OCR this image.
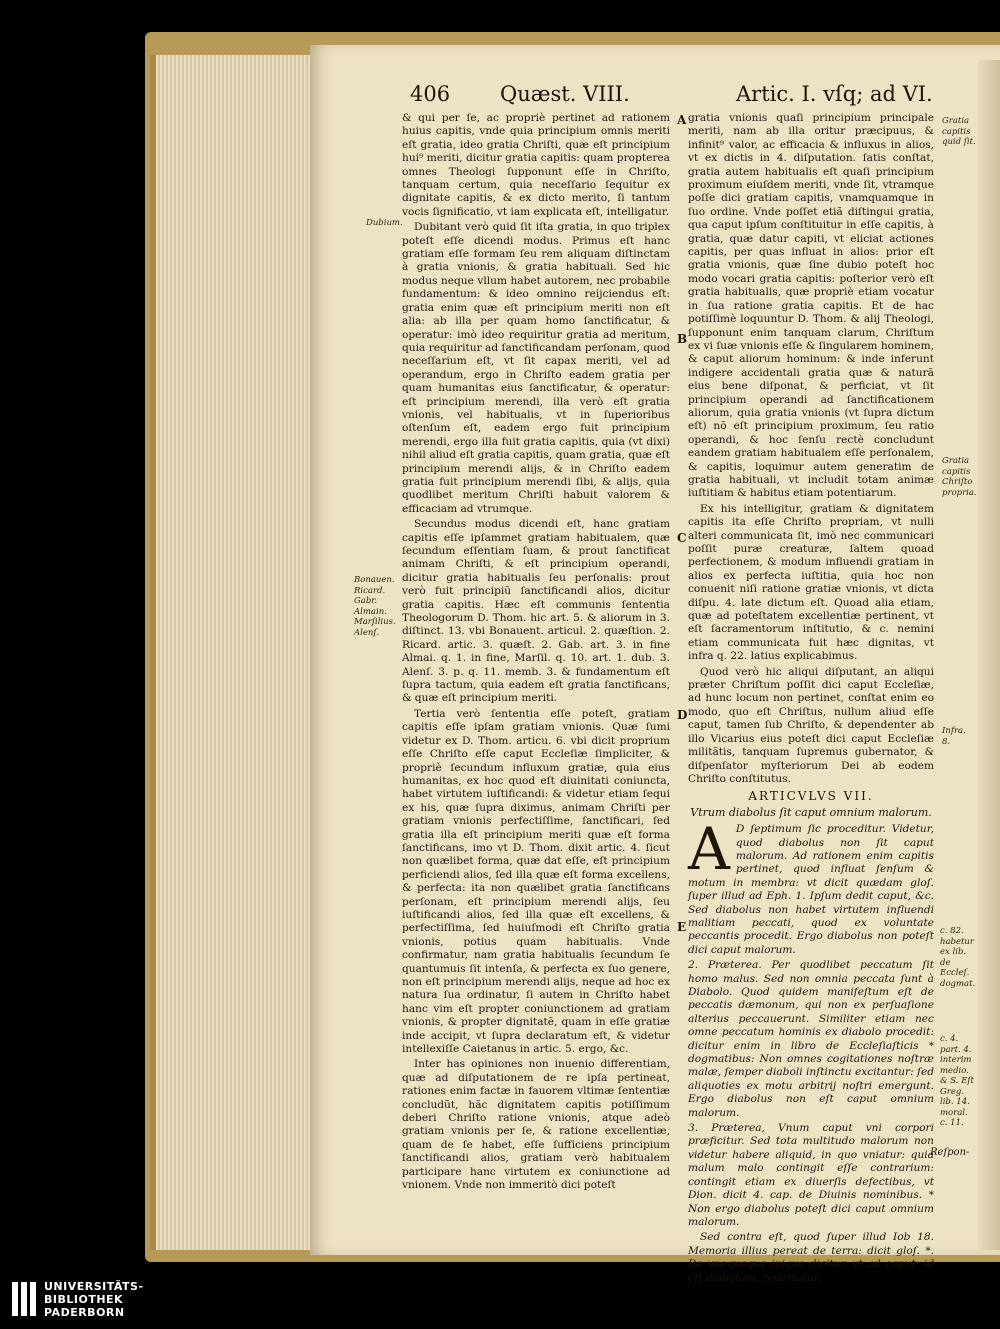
406 Quæst. VIII.	Artic. I. vſq; ad VI.
Dubium.
Bonauen.
Ricard.
Gabr.
Almain.
Marſilius.
Alenſ.

& qui per ſe, ac propriè pertinet ad rationem huius capitis, vnde quia principium omnis meriti eſt gratia, ideo gratia Chriſti, quæ eſt principium hui⁹ meriti, dicitur gratia capitis: quam propterea omnes Theologi ſupponunt eſſe in Chriſto, tanquam certum, quia neceſſario ſequitur ex dignitate capitis, & ex dicto merito, ſi tantum vocis ſignificatio, vt iam explicata eſt, intelligatur.

Dubitant verò quid ſit iſta gratia, in quo triplex poteſt eſſe dicendi modus. Primus eſt hanc gratiam eſſe formam ſeu rem aliquam diſtinctam à gratia vnionis, & gratia habituali. Sed hic modus neque vllum habet autorem, nec probabile fundamentum: & ideo omnino reijciendus eſt: gratia enim quæ eſt principium meriti non eſt alia: ab illa per quam homo ſanctificatur, & operatur: imò ideo requiritur gratia ad meritum, quia requiritur ad ſanctificandam perſonam, quod neceſſarium eſt, vt ſit capax meriti, vel ad operandum, ergo in Chriſto eadem gratia per quam humanitas eius ſanctificatur, & operatur: eſt principium merendi, illa verò eſt gratia vnionis, vel habitualis, vt in ſuperioribus oſtenſum eſt, eadem ergo fuit principium merendi, ergo illa fuit gratia capitis, quia (vt dixi) nihil aliud eſt gratia capitis, quam gratia, quæ eſt principium merendi alijs, & in Chriſto eadem gratia fuit principium merendi ſibi, & alijs, quia quodlibet meritum Chriſti habuit valorem & efficaciam ad vtrumque.

Secundus modus dicendi eſt, hanc gratiam capitis eſſe ipſammet gratiam habitualem, quæ ſecundum eſſentiam ſuam, & prout ſanctificat animam Chriſti, & eſt principium operandi, dicitur gratia habitualis ſeu perſonalis: prout verò fuit principiũ ſanctificandi alios, dicitur gratia capitis. Hæc eſt communis ſententia Theologorum D. Thom. hic art. 5. & aliorum in 3. diſtinct. 13. vbi Bonauent. articul. 2. quæſtion. 2. Ricard. artic. 3. quæſt. 2. Gab. art. 3. in fine Almai. q. 1. in fine, Marſil. q. 10. art. 1. dub. 3. Alenſ. 3. p. q. 11. memb. 3. & fundamentum eſt ſupra tactum, quia eadem eſt gratia ſanctificans, & quæ eſt principium meriti.

Tertia verò ſententia eſſe poteſt, gratiam capitis eſſe ipſam gratiam vnionis. Quæ ſumi videtur ex D. Thom. articu. 6. vbi dicit proprium eſſe Chriſto eſſe caput Eccleſiæ ſimpliciter, & propriè ſecundum influxum gratiæ, quia eius humanitas, ex hoc quod eſt diuinitati coniuncta, habet virtutem iuſtificandi: & videtur etiam ſequi ex his, quæ ſupra diximus, animam Chriſti per gratiam vnionis perfectiſſime, ſanctificari, ſed gratia illa eſt principium meriti quæ eſt forma ſanctificans, imo vt D. Thom. dixit artic. 4. ſicut non quælibet forma, quæ dat eſſe, eſt principium perficiendi alios, ſed illa quæ eſt forma excellens, & perfecta: ita non quælibet gratia ſanctificans perſonam, eſt principium merendi alijs, ſeu iuſtificandi alios, ſed illa quæ eſt excellens, & perfectiſſima, ſed huiuſmodi eſt Chriſto gratia vnionis, potius quam habitualis. Vnde confirmatur, nam gratia habitualis ſecundum ſe quantumuis ſit intenſa, & perfecta ex ſuo genere, non eſt principium merendi alijs, neque ad hoc ex natura ſua ordinatur, ſi autem in Chriſto habet hanc vim eſt propter coniunctionem ad gratiam vnionis, & propter dignitatẽ, quam in eſſe gratiæ inde accipit, vt ſupra declaratum eſt, & videtur intellexiſſe Caietanus in artic. 5. ergo, &c.

Inter has opiniones non inuenio differentiam, quæ ad diſputationem de re ipſa pertineat, rationes enim factæ in fauorem vltimæ ſententiæ concludũt, hãc dignitatem capitis potiſſimum deberi Chriſto ratione vnionis, atque adeò gratiam vnionis per ſe, & ratione excellentiæ, quam de ſe habet, eſſe ſufficiens principium ſanctificandi alios, gratiam verò habitualem participare hanc virtutem ex coniunctione ad vnionem. Vnde non immeritò dici poteſt

A
B
C
D
E

gratia vnionis quaſi principium principale meriti, nam ab illa oritur præcipuus, & infinit⁹ valor, ac efficacia & influxus in alios, vt ex dictis in 4. diſputation. ſatis conſtat, gratia autem habitualis eſt quaſi principium proximum eiuſdem meriti, vnde ſit, vtramque poſſe dici gratiam capitis, vnamquamque in ſuo ordine. Vnde poſſet etiã diſtingui gratia, qua caput ipſum conſtituitur in eſſe capitis, à gratia, quæ datur capiti, vt eliciat actiones capitis, per quas influat in alios: prior eſt gratia vnionis, quæ ſine dubio poteſt hoc modo vocari gratia capitis: poſterior verò eſt gratia habitualis, quæ propriè etiam vocatur in ſua ratione gratia capitis. Et de hac potiſſimè loquuntur D. Thom. & alij Theologi, ſupponunt enim tanquam clarum, Chriſtum ex vi ſuæ vnionis eſſe & ſingularem hominem, & caput aliorum hominum: & inde inferunt indigere accidentali gratia quæ & naturã eius bene diſponat, & perficiat, vt ſit principium operandi ad ſanctificationem aliorum, quia gratia vnionis (vt ſupra dictum eſt) nõ eſt principium proximum, ſeu ratio operandi, & hoc ſenſu rectè concludunt eandem gratiam habitualem eſſe perſonalem, & capitis, loquimur autem generatim de gratia habituali, vt includit totam animæ iuſtitiam & habitus etiam potentiarum.

Ex his intelligitur, gratiam & dignitatem capitis ita eſſe Chriſto propriam, vt nulli alteri communicata ſit, imò nec communicari poſſit puræ creaturæ, ſaltem quoad perfectionem, & modum influendi gratiam in alios ex perfecta iuſtitia, quia hoc non conuenit niſi ratione gratiæ vnionis, vt dicta diſpu. 4. late dictum eſt. Quoad alia etiam, quæ ad poteſtatem excellentiæ pertinent, vt eſt ſacramentorum inſtitutio, & c. nemini etiam communicata fuit hæc dignitas, vt infra q. 22. latius explicabimus.

Quod verò hic aliqui diſputant, an aliqui præter Chriſtum poſſit dici caput Eccleſiæ, ad hunc locum non pertinet, conſtat enim eo modo, quo eſt Chriſtus, nullum aliud eſſe caput, tamen ſub Chriſto, & dependenter ab illo Vicarius eius poteſt dici caput Eccleſiæ militãtis, tanquam ſupremus gubernator, & diſpenſator myſteriorum Dei ab eodem Chriſto conſtitutus.

ARTICVLVS VII.
Vtrum diabolus ſit caput omnium malorum.
A D ſeptimum ſic proceditur. Videtur, quod diabolus non ſit caput malorum. Ad rationem enim capitis pertinet, quod influat ſenſum & motum in membra: vt dicit quædam gloſ. ſuper illud ad Eph. 1. Ipſum dedit caput, &c. Sed diabolus non habet virtutem influendi malitiam peccati, quod ex voluntate peccantis procedit. Ergo diabolus non poteſt dici caput malorum.

2. Præterea. Per quodlibet peccatum ſit homo malus. Sed non omnia peccata ſunt à Diabolo. Quod quidem manifeſtum eſt de peccatis dæmonum, qui non ex perſuaſione alterius peccauerunt. Similiter etiam nec omne peccatum hominis ex diabolo procedit: dicitur enim in libro de Eccleſiaſticis * dogmatibus: Non omnes cogitationes noſtræ malæ, ſemper diaboli inſtinctu excitantur: ſed aliquoties ex motu arbitrij noſtri emergunt. Ergo diabolus non eſt caput omnium malorum.

3. Præterea, Vnum caput vni corpori præficitur. Sed tota multitudo malorum non videtur habere aliquid, in quo vniatur: quia malum malo contingit eſſe contrarium: contingit etiam ex diuerſis defectibus, vt Dion. dicit 4. cap. de Diuinis nominibus. * Non ergo diabolus poteſt dici caput omnium malorum.

Sed contra eſt, quod ſuper illud Iob 18. Memoria illius pereat de terra: dicit gloſ. *. De vnoquoque iniquo dicitur, vt ad caput, id eſt diabolum, reuertatur.

Reſpon-
Gratia capitis quid ſit.
Gratia capitis Chriſto propria.
Infra. 8.
c. 82. habetur ex lib. de Eccleſ. dogmat.
c. 4. part. 4. interim medio. & S. Eſt Greg. lib. 14. moral. c. 11.
UNIVERSITÄTS-
BIBLIOTHEK
PADERBORN
